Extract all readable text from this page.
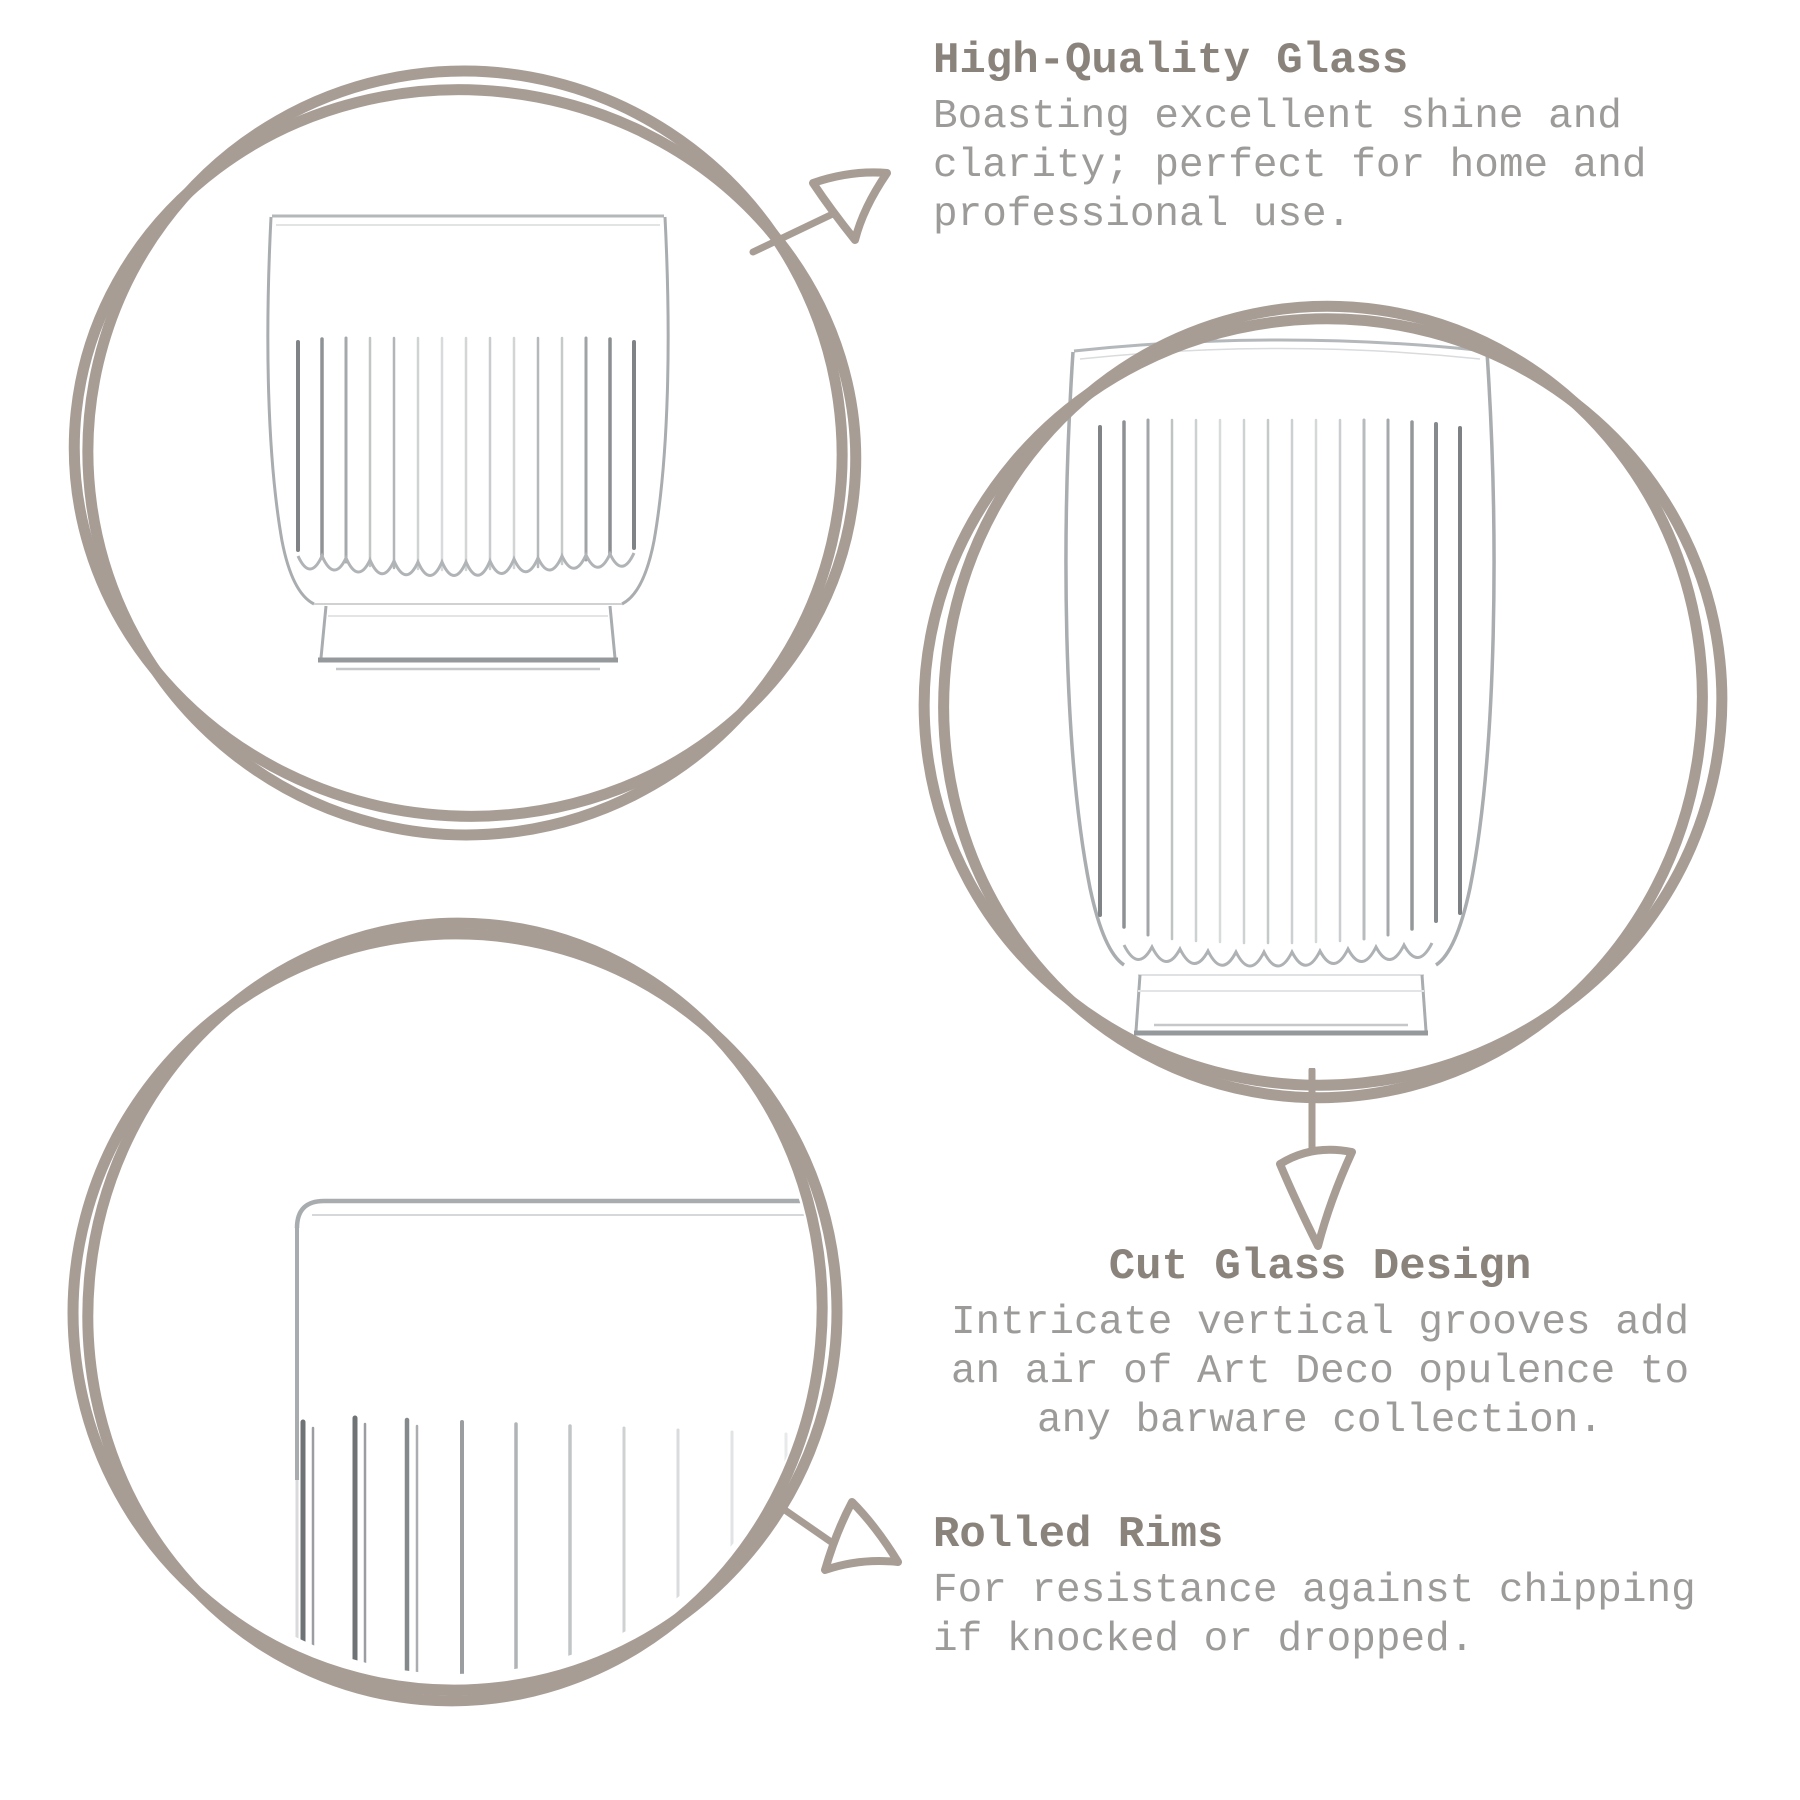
High-Quality Glass
Boasting excellent shine and
clarity; perfect for home and
professional use.
Cut Glass Design
Intricate vertical grooves add
an air of Art Deco opulence to
any barware collection.
Rolled Rims
For resistance against chipping
if knocked or dropped.
